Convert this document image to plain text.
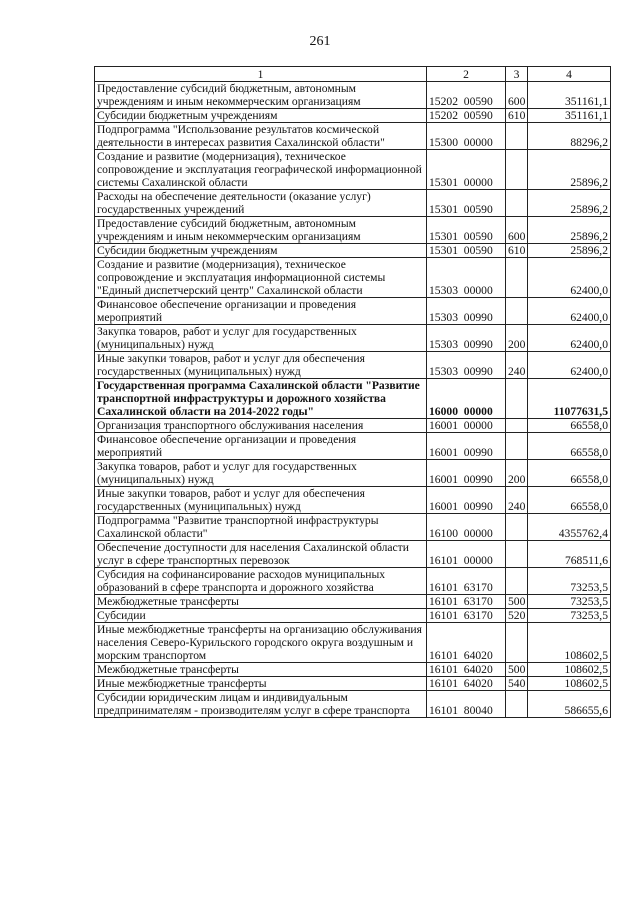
261
1	2	3	4
Предоставление субсидий бюджетным, автономным учреждениям и иным некоммерческим организациям	15202  00590	600	351161,1
Субсидии бюджетным учреждениям	15202  00590	610	351161,1
Подпрограмма "Использование результатов космической деятельности в интересах развития Сахалинской области"	15300  00000		88296,2
Создание и развитие (модернизация), техническое сопровождение и эксплуатация географической информационной системы Сахалинской области	15301  00000		25896,2
Расходы на обеспечение деятельности (оказание услуг) государственных учреждений	15301  00590		25896,2
Предоставление субсидий бюджетным, автономным учреждениям и иным некоммерческим организациям	15301  00590	600	25896,2
Субсидии бюджетным учреждениям	15301  00590	610	25896,2
Создание и развитие (модернизация), техническое сопровождение и эксплуатация информационной системы "Единый диспетчерский центр" Сахалинской области	15303  00000		62400,0
Финансовое обеспечение организации и проведения мероприятий	15303  00990		62400,0
Закупка товаров, работ и услуг для государственных (муниципальных) нужд	15303  00990	200	62400,0
Иные закупки товаров, работ и услуг для обеспечения государственных (муниципальных) нужд	15303  00990	240	62400,0
Государственная программа Сахалинской области "Развитие транспортной инфраструктуры и дорожного хозяйства Сахалинской области на 2014-2022 годы"	16000  00000		11077631,5
Организация транспортного обслуживания населения	16001  00000		66558,0
Финансовое обеспечение организации и проведения мероприятий	16001  00990		66558,0
Закупка товаров, работ и услуг для государственных (муниципальных) нужд	16001  00990	200	66558,0
Иные закупки товаров, работ и услуг для обеспечения государственных (муниципальных) нужд	16001  00990	240	66558,0
Подпрограмма "Развитие транспортной инфраструктуры Сахалинской области"	16100  00000		4355762,4
Обеспечение доступности для населения Сахалинской области услуг в сфере транспортных перевозок	16101  00000		768511,6
Субсидия на софинансирование расходов муниципальных образований в сфере транспорта и дорожного хозяйства	16101  63170		73253,5
Межбюджетные трансферты	16101  63170	500	73253,5
Субсидии	16101  63170	520	73253,5
Иные межбюджетные трансферты на организацию обслуживания населения Северо-Курильского городского округа воздушным и морским транспортом	16101  64020		108602,5
Межбюджетные трансферты	16101  64020	500	108602,5
Иные межбюджетные трансферты	16101  64020	540	108602,5
Субсидии юридическим лицам и индивидуальным предпринимателям - производителям услуг в сфере транспорта	16101  80040		586655,6
